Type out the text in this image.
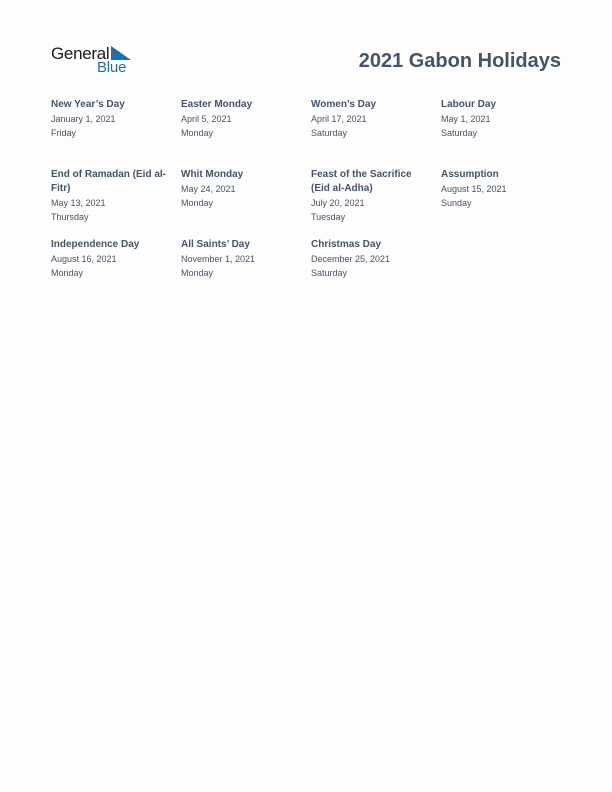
General
Blue	2021 Gabon Holidays
New Year’s Day
January 1, 2021
Friday
Easter Monday
April 5, 2021
Monday
Women’s Day
April 17, 2021
Saturday
Labour Day
May 1, 2021
Saturday
End of Ramadan (Eid al-Fitr)
May 13, 2021
Thursday
Whit Monday
May 24, 2021
Monday
Feast of the Sacrifice (Eid al-Adha)
July 20, 2021
Tuesday
Assumption
August 15, 2021
Sunday
Independence Day
August 16, 2021
Monday
All Saints’ Day
November 1, 2021
Monday
Christmas Day
December 25, 2021
Saturday
